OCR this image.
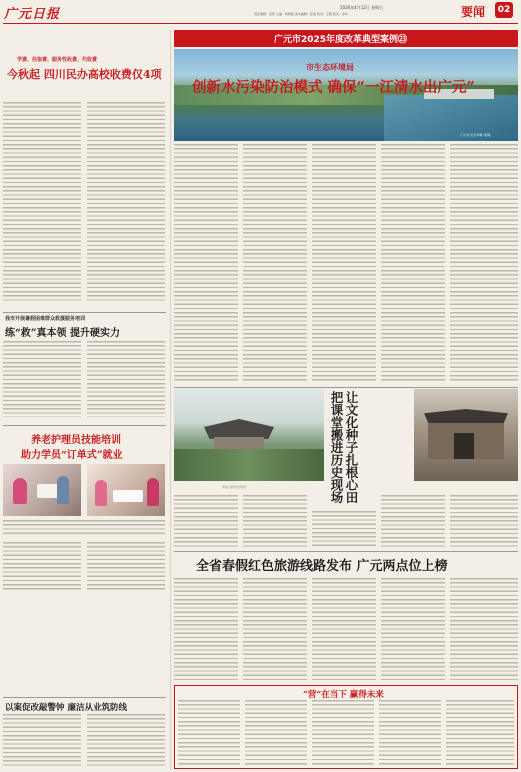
广元日报	2026年4月12日 星期日
责任编辑：吴欣 主编：杨晓丽 美术编辑：张丽 校对：王霞 版式：李华	要闻	02
学费、住宿费、服务性收费、代收费
今秋起 四川民办高校收费仅4项
我市开展暑假困难群众救援服务培训
练“救”真本领 提升硬实力
养老护理员技能培训
助力学员“订单式”就业
以案促改敲警钟 廉洁从业筑防线
广元市2025年度改革典型案例㉓
市生态环境局
创新水污染防治模式 确保“一江清水出广元”
广元市“生态环境”案例。
李家大院历史场景	让文化种子扎根心田 把课堂搬进历史现场
全省春假红色旅游线路发布 广元两点位上榜
“营”在当下 赢得未来
